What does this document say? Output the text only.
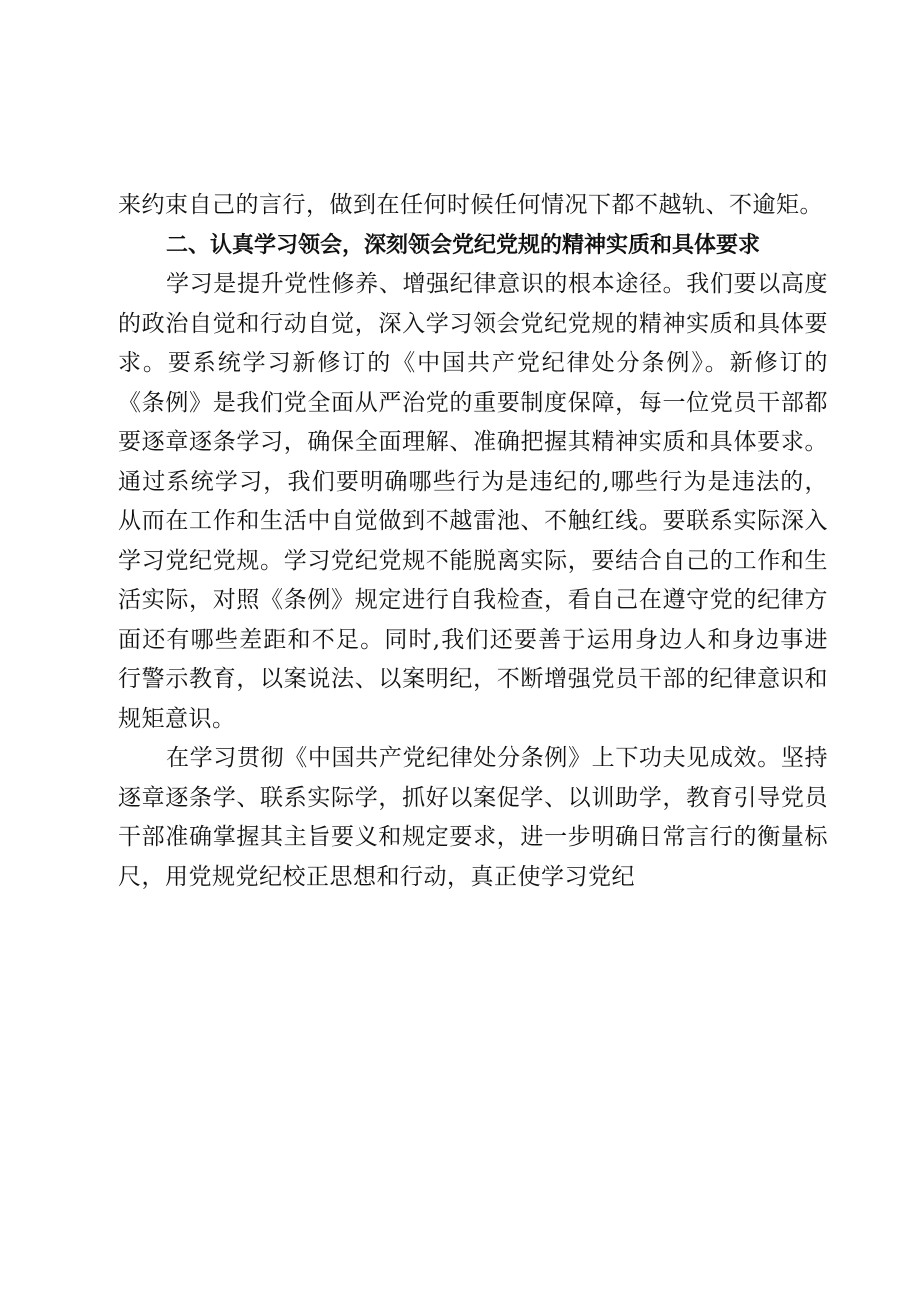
来约束自己的言行，做到在任何时候任何情况下都不越轨、不逾矩。

二、认真学习领会，深刻领会党纪党规的精神实质和具体要求

学习是提升党性修养、增强纪律意识的根本途径。我们要以高度的政治自觉和行动自觉，深入学习领会党纪党规的精神实质和具体要求。要系统学习新修订的《中国共产党纪律处分条例》。新修订的《条例》是我们党全面从严治党的重要制度保障，每一位党员干部都要逐章逐条学习，确保全面理解、准确把握其精神实质和具体要求。通过系统学习，我们要明确哪些行为是违纪的,哪些行为是违法的，从而在工作和生活中自觉做到不越雷池、不触红线。要联系实际深入学习党纪党规。学习党纪党规不能脱离实际，要结合自己的工作和生活实际，对照《条例》规定进行自我检查，看自己在遵守党的纪律方面还有哪些差距和不足。同时,我们还要善于运用身边人和身边事进行警示教育，以案说法、以案明纪，不断增强党员干部的纪律意识和规矩意识。

在学习贯彻《中国共产党纪律处分条例》上下功夫见成效。坚持逐章逐条学、联系实际学，抓好以案促学、以训助学，教育引导党员干部准确掌握其主旨要义和规定要求，进一步明确日常言行的衡量标尺，用党规党纪校正思想和行动，真正使学习党纪
